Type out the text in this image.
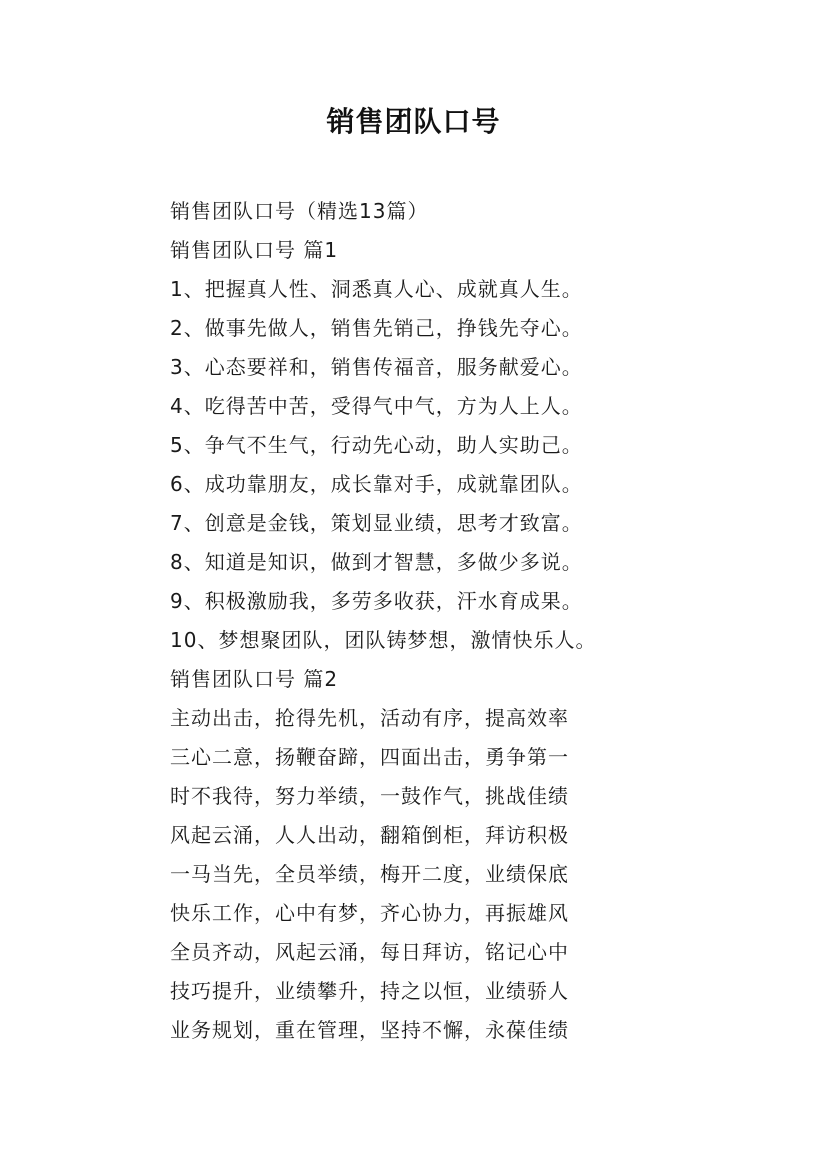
销售团队口号
销售团队口号（精选13篇）
销售团队口号 篇1
1、把握真人性、洞悉真人心、成就真人生。
2、做事先做人，销售先销己，挣钱先夺心。
3、心态要祥和，销售传福音，服务献爱心。
4、吃得苦中苦，受得气中气，方为人上人。
5、争气不生气，行动先心动，助人实助己。
6、成功靠朋友，成长靠对手，成就靠团队。
7、创意是金钱，策划显业绩，思考才致富。
8、知道是知识，做到才智慧，多做少多说。
9、积极激励我，多劳多收获，汗水育成果。
10、梦想聚团队，团队铸梦想，激情快乐人。
销售团队口号 篇2
主动出击，抢得先机，活动有序，提高效率
三心二意，扬鞭奋蹄，四面出击，勇争第一
时不我待，努力举绩，一鼓作气，挑战佳绩
风起云涌，人人出动，翻箱倒柜，拜访积极
一马当先，全员举绩，梅开二度，业绩保底
快乐工作，心中有梦，齐心协力，再振雄风
全员齐动，风起云涌，每日拜访，铭记心中
技巧提升，业绩攀升，持之以恒，业绩骄人
业务规划，重在管理，坚持不懈，永葆佳绩
